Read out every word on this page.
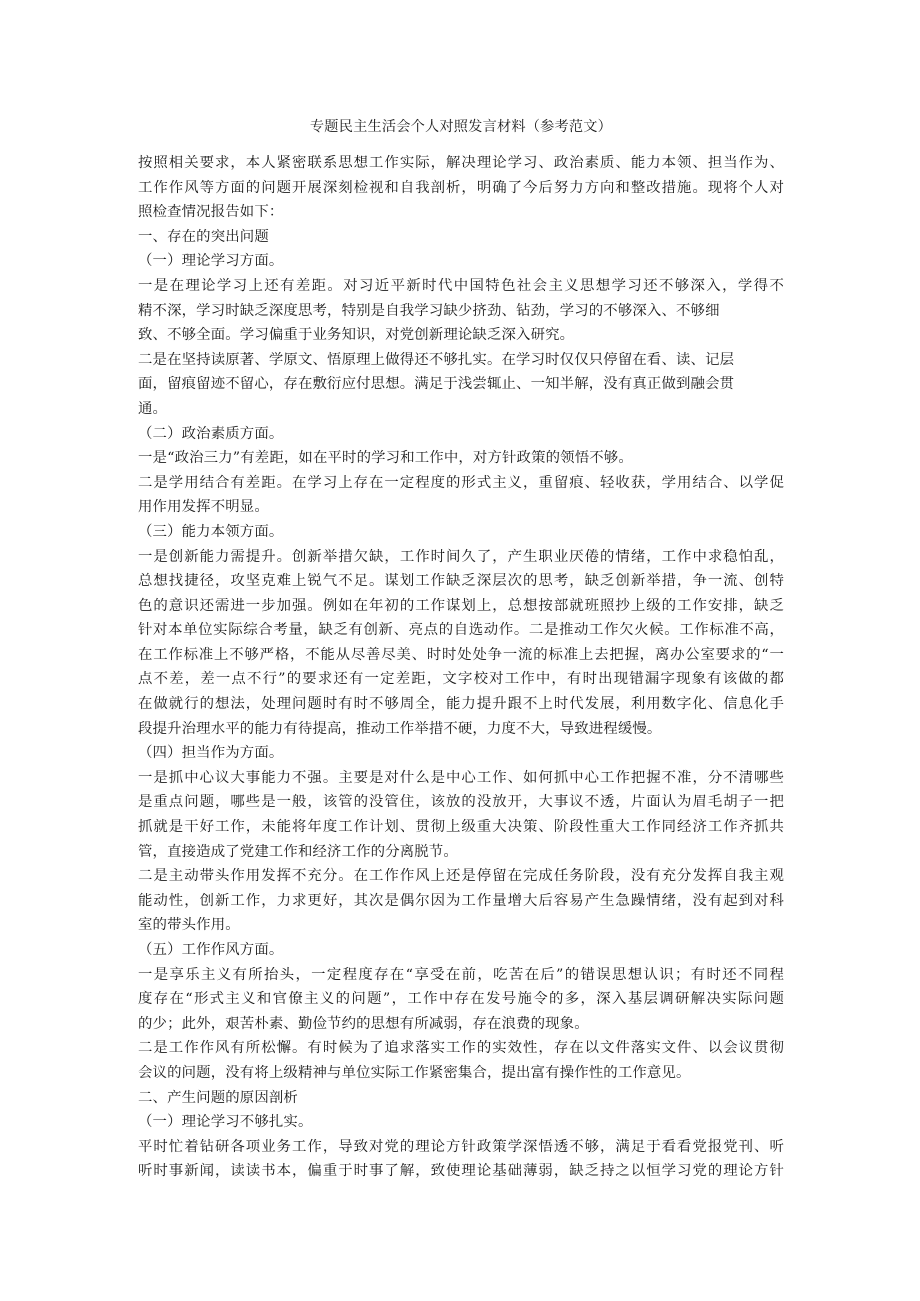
专题民主生活会个人对照发言材料（参考范文）
按照相关要求，本人紧密联系思想工作实际，解决理论学习、政治素质、能力本领、担当作为、
工作作风等方面的问题开展深刻检视和自我剖析，明确了今后努力方向和整改措施。现将个人对
照检查情况报告如下：
一、存在的突出问题
（一）理论学习方面。
一是在理论学习上还有差距。对习近平新时代中国特色社会主义思想学习还不够深入，学得不
精不深，学习时缺乏深度思考，特别是自我学习缺少挤劲、钻劲，学习的不够深入、不够细
致、不够全面。学习偏重于业务知识，对党创新理论缺乏深入研究。
二是在坚持读原著、学原文、悟原理上做得还不够扎实。在学习时仅仅只停留在看、读、记层
面，留痕留迹不留心，存在敷衍应付思想。满足于浅尝辄止、一知半解，没有真正做到融会贯
通。
（二）政治素质方面。
一是“政治三力”有差距，如在平时的学习和工作中，对方针政策的领悟不够。
二是学用结合有差距。在学习上存在一定程度的形式主义，重留痕、轻收获，学用结合、以学促
用作用发挥不明显。
（三）能力本领方面。
一是创新能力需提升。创新举措欠缺，工作时间久了，产生职业厌倦的情绪，工作中求稳怕乱，
总想找捷径，攻坚克难上锐气不足。谋划工作缺乏深层次的思考，缺乏创新举措，争一流、创特
色的意识还需进一步加强。例如在年初的工作谋划上，总想按部就班照抄上级的工作安排，缺乏
针对本单位实际综合考量，缺乏有创新、亮点的自选动作。二是推动工作欠火候。工作标准不高，
在工作标准上不够严格，不能从尽善尽美、时时处处争一流的标准上去把握，离办公室要求的“一
点不差，差一点不行”的要求还有一定差距，文字校对工作中，有时出现错漏字现象有该做的都
在做就行的想法，处理问题时有时不够周全，能力提升跟不上时代发展，利用数字化、信息化手
段提升治理水平的能力有待提高，推动工作举措不硬，力度不大，导致进程缓慢。
（四）担当作为方面。
一是抓中心议大事能力不强。主要是对什么是中心工作、如何抓中心工作把握不准，分不清哪些
是重点问题，哪些是一般，该管的没管住，该放的没放开，大事议不透，片面认为眉毛胡子一把
抓就是干好工作，未能将年度工作计划、贯彻上级重大决策、阶段性重大工作同经济工作齐抓共
管，直接造成了党建工作和经济工作的分离脱节。
二是主动带头作用发挥不充分。在工作作风上还是停留在完成任务阶段，没有充分发挥自我主观
能动性，创新工作，力求更好，其次是偶尔因为工作量增大后容易产生急躁情绪，没有起到对科
室的带头作用。
（五）工作作风方面。
一是享乐主义有所抬头，一定程度存在“享受在前，吃苦在后”的错误思想认识；有时还不同程
度存在“形式主义和官僚主义的问题”，工作中存在发号施令的多，深入基层调研解决实际问题
的少；此外，艰苦朴素、勤俭节约的思想有所减弱，存在浪费的现象。
二是工作作风有所松懈。有时候为了追求落实工作的实效性，存在以文件落实文件、以会议贯彻
会议的问题，没有将上级精神与单位实际工作紧密集合，提出富有操作性的工作意见。
二、产生问题的原因剖析
（一）理论学习不够扎实。
平时忙着钻研各项业务工作，导致对党的理论方针政策学深悟透不够，满足于看看党报党刊、听
听时事新闻，读读书本，偏重于时事了解，致使理论基础薄弱，缺乏持之以恒学习党的理论方针
